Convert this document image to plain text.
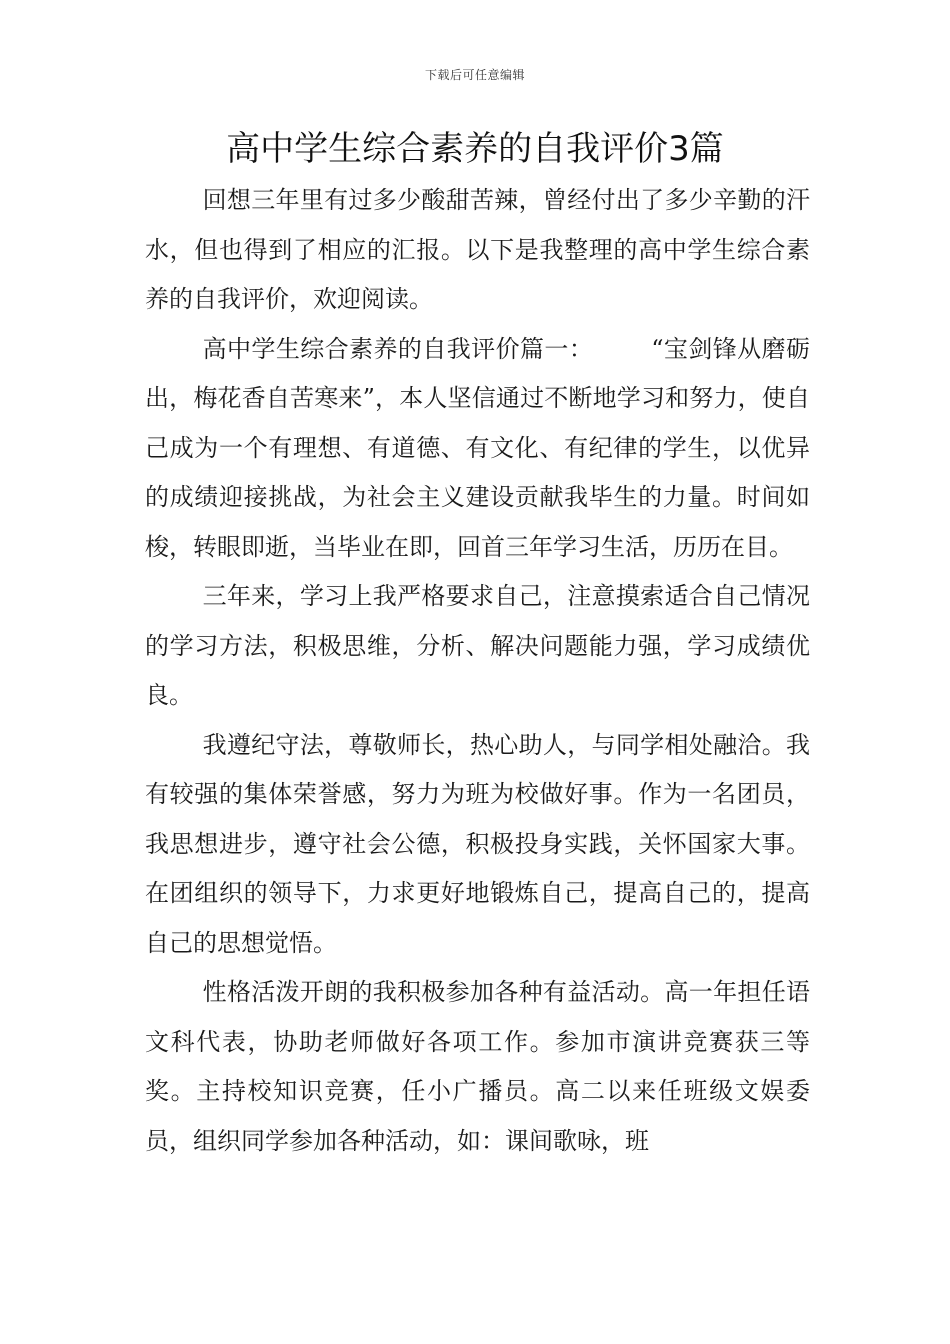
下载后可任意编辑
高中学生综合素养的自我评价3篇

回想三年里有过多少酸甜苦辣，曾经付出了多少辛勤的汗水，但也得到了相应的汇报。以下是我整理的高中学生综合素养的自我评价，欢迎阅读。

高中学生综合素养的自我评价篇一： “宝剑锋从磨砺出，梅花香自苦寒来”，本人坚信通过不断地学习和努力，使自己成为一个有理想、有道德、有文化、有纪律的学生，以优异的成绩迎接挑战，为社会主义建设贡献我毕生的力量。时间如梭，转眼即逝，当毕业在即，回首三年学习生活，历历在目。

三年来，学习上我严格要求自己，注意摸索适合自己情况的学习方法，积极思维，分析、解决问题能力强，学习成绩优良。

我遵纪守法，尊敬师长，热心助人，与同学相处融洽。我有较强的集体荣誉感，努力为班为校做好事。作为一名团员，我思想进步，遵守社会公德，积极投身实践，关怀国家大事。在团组织的领导下，力求更好地锻炼自己，提高自己的，提高自己的思想觉悟。

性格活泼开朗的我积极参加各种有益活动。高一年担任语文科代表，协助老师做好各项工作。参加市演讲竞赛获三等奖。主持校知识竞赛，任小广播员。高二以来任班级文娱委员，组织同学参加各种活动，如：课间歌咏，班
